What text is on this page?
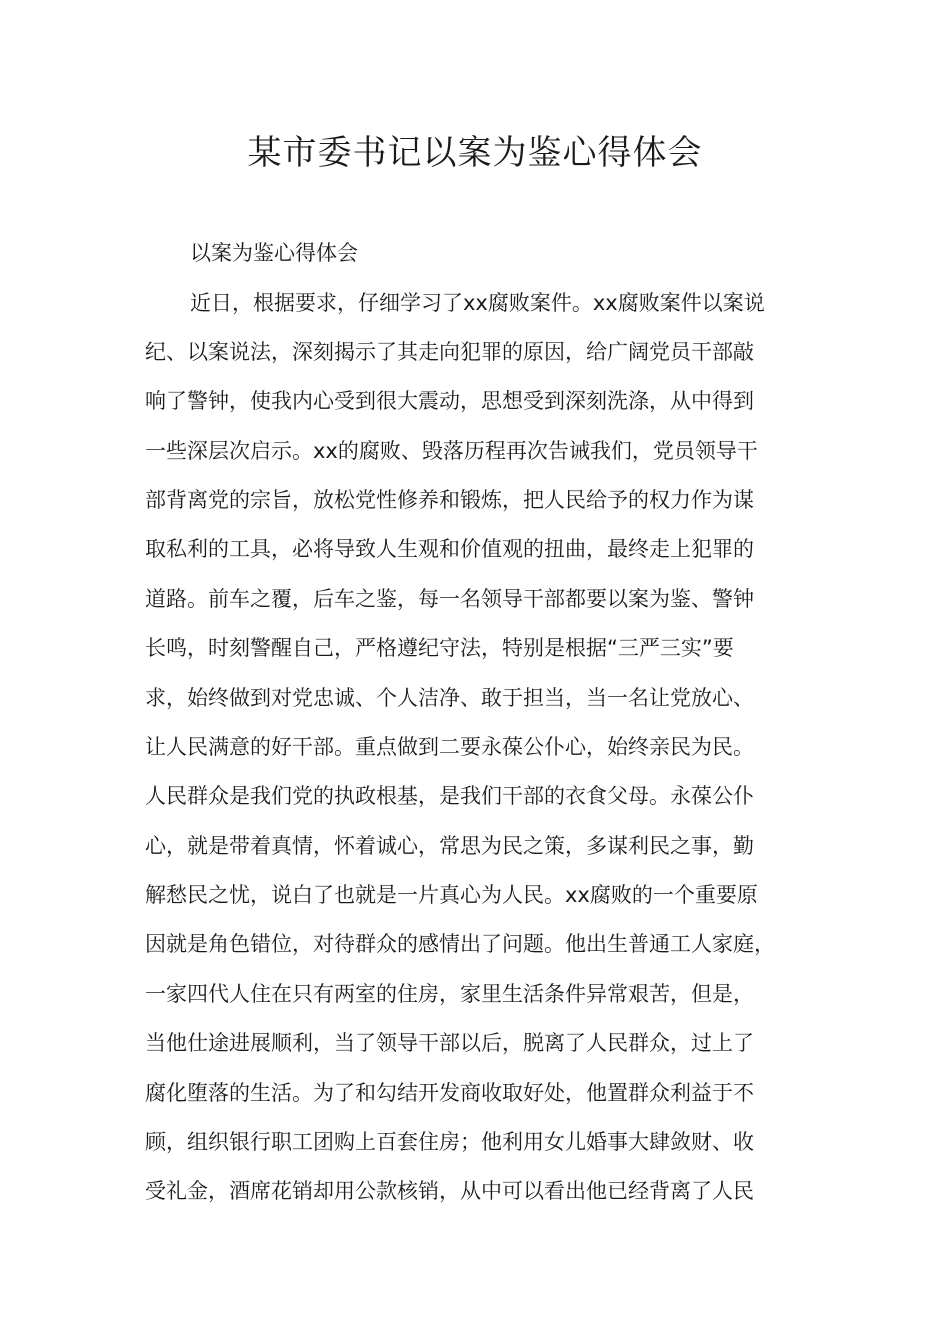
某市委书记以案为鉴心得体会

以案为鉴心得体会

近日，根据要求，仔细学习了xx腐败案件。xx腐败案件以案说

纪、以案说法，深刻揭示了其走向犯罪的原因，给广阔党员干部敲

响了警钟，使我内心受到很大震动，思想受到深刻洗涤，从中得到

一些深层次启示。xx的腐败、毁落历程再次告诫我们，党员领导干

部背离党的宗旨，放松党性修养和锻炼，把人民给予的权力作为谋

取私利的工具，必将导致人生观和价值观的扭曲，最终走上犯罪的

道路。前车之覆，后车之鉴，每一名领导干部都要以案为鉴、警钟

长鸣，时刻警醒自己，严格遵纪守法，特别是根据“三严三实”要

求，始终做到对党忠诚、个人洁净、敢于担当，当一名让党放心、

让人民满意的好干部。重点做到二要永葆公仆心，始终亲民为民。

人民群众是我们党的执政根基，是我们干部的衣食父母。永葆公仆

心，就是带着真情，怀着诚心，常思为民之策，多谋利民之事，勤

解愁民之忧，说白了也就是一片真心为人民。xx腐败的一个重要原

因就是角色错位，对待群众的感情出了问题。他出生普通工人家庭，

一家四代人住在只有两室的住房，家里生活条件异常艰苦，但是，

当他仕途进展顺利，当了领导干部以后，脱离了人民群众，过上了

腐化堕落的生活。为了和勾结开发商收取好处，他置群众利益于不

顾，组织银行职工团购上百套住房；他利用女儿婚事大肆敛财、收

受礼金，酒席花销却用公款核销，从中可以看出他已经背离了人民
